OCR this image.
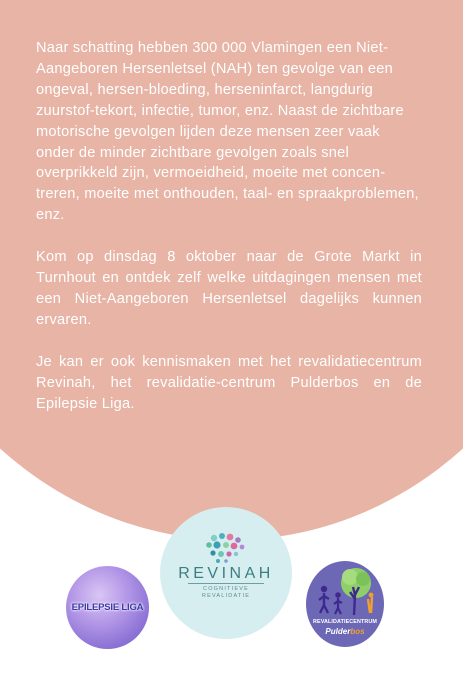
Naar schatting hebben 300 000 Vlamingen een Niet-Aangeboren Hersenletsel (NAH) ten gevolge van een ongeval, hersen-bloeding, herseninfarct, langdurig zuurstof-tekort, infectie, tumor, enz. Naast de zichtbare motorische gevolgen lijden deze mensen zeer vaak onder de minder zichtbare gevolgen zoals snel overprikkeld zijn, vermoeidheid, moeite met concen-treren, moeite met onthouden, taal- en spraakproblemen, enz.

Kom op dinsdag 8 oktober naar de Grote Markt in Turnhout en ontdek zelf welke uitdagingen mensen met een Niet-Aangeboren Hersenletsel dagelijks kunnen ervaren.

Je kan er ook kennismaken met het revalidatiecentrum Revinah, het revalidatie-centrum Pulderbos en de Epilepsie Liga.

EPILEPSIE LIGA
REVINAH
COGNITIEVE
REVALIDATIE
REVALIDATIECENTRUM
Pulderbos
